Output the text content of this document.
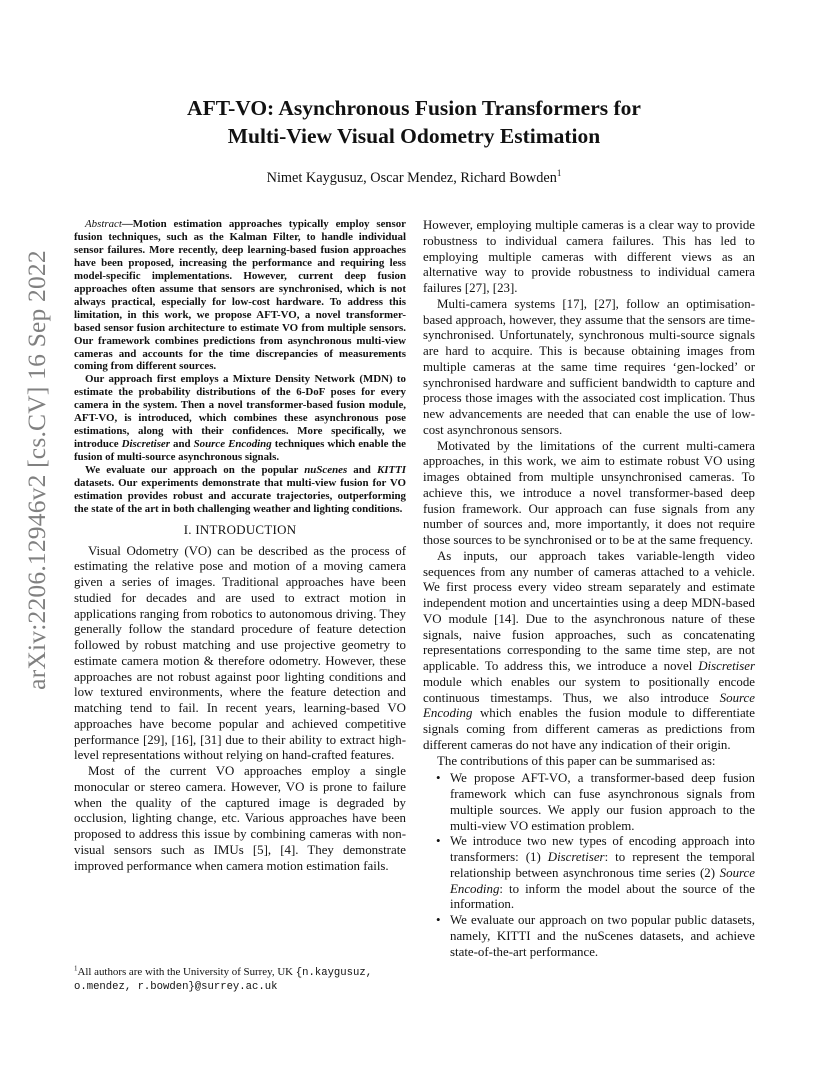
arXiv:2206.12946v2 [cs.CV] 16 Sep 2022
AFT-VO: Asynchronous Fusion Transformers for
Multi-View Visual Odometry Estimation
Nimet Kaygusuz, Oscar Mendez, Richard Bowden$^1$

Abstract—Motion estimation approaches typically employ sensor fusion techniques, such as the Kalman Filter, to handle individual sensor failures. More recently, deep learning-based fusion approaches have been proposed, increasing the performance and requiring less model-specific implementations. However, current deep fusion approaches often assume that sensors are synchronised, which is not always practical, especially for low-cost hardware. To address this limitation, in this work, we propose AFT-VO, a novel transformer-based sensor fusion architecture to estimate VO from multiple sensors. Our framework combines predictions from asynchronous multi-view cameras and accounts for the time discrepancies of measurements coming from different sources.

Our approach first employs a Mixture Density Network (MDN) to estimate the probability distributions of the 6-DoF poses for every camera in the system. Then a novel transformer-based fusion module, AFT-VO, is introduced, which combines these asynchronous pose estimations, along with their confidences. More specifically, we introduce Discretiser and Source Encoding techniques which enable the fusion of multi-source asynchronous signals.

We evaluate our approach on the popular nuScenes and KITTI datasets. Our experiments demonstrate that multi-view fusion for VO estimation provides robust and accurate trajectories, outperforming the state of the art in both challenging weather and lighting conditions.

I. INTRODUCTION

Visual Odometry (VO) can be described as the process of estimating the relative pose and motion of a moving camera given a series of images. Traditional approaches have been studied for decades and are used to extract motion in applications ranging from robotics to autonomous driving. They generally follow the standard procedure of feature detection followed by robust matching and use projective geometry to estimate camera motion & therefore odometry. However, these approaches are not robust against poor lighting conditions and low textured environments, where the feature detection and matching tend to fail. In recent years, learning-based VO approaches have become popular and achieved competitive performance [29], [16], [31] due to their ability to extract high-level representations without relying on hand-crafted features.

Most of the current VO approaches employ a single monocular or stereo camera. However, VO is prone to failure when the quality of the captured image is degraded by occlusion, lighting change, etc. Various approaches have been proposed to address this issue by combining cameras with non-visual sensors such as IMUs [5], [4]. They demonstrate improved performance when camera motion estimation fails.

$^1$All authors are with the University of Surrey, UK {n.kaygusuz, o.mendez, r.bowden}@surrey.ac.uk

However, employing multiple cameras is a clear way to provide robustness to individual camera failures. This has led to employing multiple cameras with different views as an alternative way to provide robustness to individual camera failures [27], [23].

Multi-camera systems [17], [27], follow an optimisation-based approach, however, they assume that the sensors are time-synchronised. Unfortunately, synchronous multi-source signals are hard to acquire. This is because obtaining images from multiple cameras at the same time requires ‘gen-locked’ or synchronised hardware and sufficient bandwidth to capture and process those images with the associated cost implication. Thus new advancements are needed that can enable the use of low-cost asynchronous sensors.

Motivated by the limitations of the current multi-camera approaches, in this work, we aim to estimate robust VO using images obtained from multiple unsynchronised cameras. To achieve this, we introduce a novel transformer-based deep fusion framework. Our approach can fuse signals from any number of sources and, more importantly, it does not require those sources to be synchronised or to be at the same frequency.

As inputs, our approach takes variable-length video sequences from any number of cameras attached to a vehicle. We first process every video stream separately and estimate independent motion and uncertainties using a deep MDN-based VO module [14]. Due to the asynchronous nature of these signals, naive fusion approaches, such as concatenating representations corresponding to the same time step, are not applicable. To address this, we introduce a novel Discretiser module which enables our system to positionally encode continuous timestamps. Thus, we also introduce Source Encoding which enables the fusion module to differentiate signals coming from different cameras as predictions from different cameras do not have any indication of their origin.

The contributions of this paper can be summarised as:

• We propose AFT-VO, a transformer-based deep fusion framework which can fuse asynchronous signals from multiple sources. We apply our fusion approach to the multi-view VO estimation problem.
• We introduce two new types of encoding approach into transformers: (1) Discretiser: to represent the temporal relationship between asynchronous time series (2) Source Encoding: to inform the model about the source of the information.
• We evaluate our approach on two popular public datasets, namely, KITTI and the nuScenes datasets, and achieve state-of-the-art performance.
